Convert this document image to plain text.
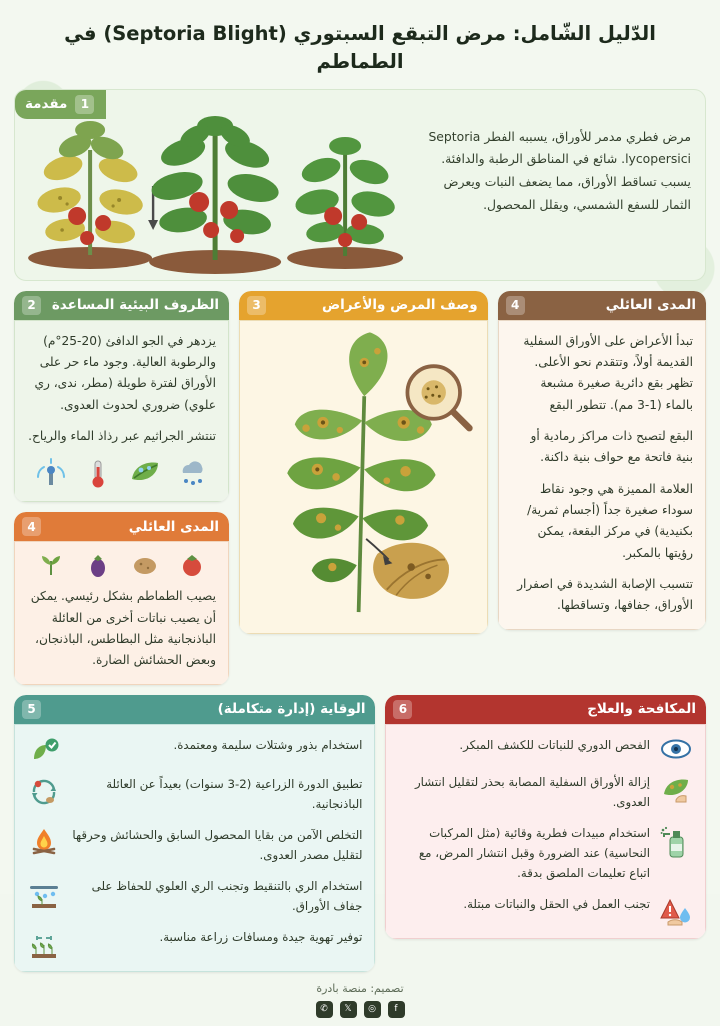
الدّليل الشّامل: مرض التبقع السبتوري (Septoria Blight) في الطماطم
1
مقدمة
مرض فطري مدمر للأوراق، يسببه الفطر Septoria lycopersici. شائع في المناطق الرطبة والدافئة. يسبب تساقط الأوراق، مما يضعف النبات ويعرض الثمار للسفع الشمسي، ويقلل المحصول.
المدى العائلي
4

تبدأ الأعراض على الأوراق السفلية القديمة أولاً، وتتقدم نحو الأعلى. تظهر بقع دائرية صغيرة مشبعة بالماء (1-3 مم). تتطور البقع

البقع لتصبح ذات مراكز رمادية أو بنية فاتحة مع حواف بنية داكنة.

العلامة المميزة هي وجود نقاط سوداء صغيرة جداً (أجسام ثمرية/بكنيدية) في مركز البقعة، يمكن رؤيتها بالمكبر.

تتسبب الإصابة الشديدة في اصفرار الأوراق، جفافها، وتساقطها.

وصف المرض والأعراض
3
الظروف البيئية المساعدة
2

يزدهر في الجو الدافئ (20-25°م) والرطوبة العالية. وجود ماء حر على الأوراق لفترة طويلة (مطر، ندى، ري علوي) ضروري لحدوث العدوى.

تنتشر الجراثيم عبر رذاذ الماء والرياح.

المدى العائلي
4

يصيب الطماطم بشكل رئيسي. يمكن أن يصيب نباتات أخرى من العائلة الباذنجانية مثل البطاطس، الباذنجان، وبعض الحشائش الضارة.

المكافحة والعلاج
6
الفحص الدوري للنباتات للكشف المبكر.
إزالة الأوراق السفلية المصابة بحذر لتقليل انتشار العدوى.
استخدام مبيدات فطرية وقائية (مثل المركبات النحاسية) عند الضرورة وقبل انتشار المرض، مع اتباع تعليمات الملصق بدقة.
تجنب العمل في الحقل والنباتات مبتلة.
الوقاية (إدارة متكاملة)
5
استخدام بذور وشتلات سليمة ومعتمدة.
تطبيق الدورة الزراعية (2-3 سنوات) بعيداً عن العائلة الباذنجانية.
التخلص الآمن من بقايا المحصول السابق والحشائش وحرقها لتقليل مصدر العدوى.
استخدام الري بالتنقيط وتجنب الري العلوي للحفاظ على جفاف الأوراق.
توفير تهوية جيدة ومسافات زراعة مناسبة.
تصميم: منصة بادرة
f
◎
𝕏
✆
